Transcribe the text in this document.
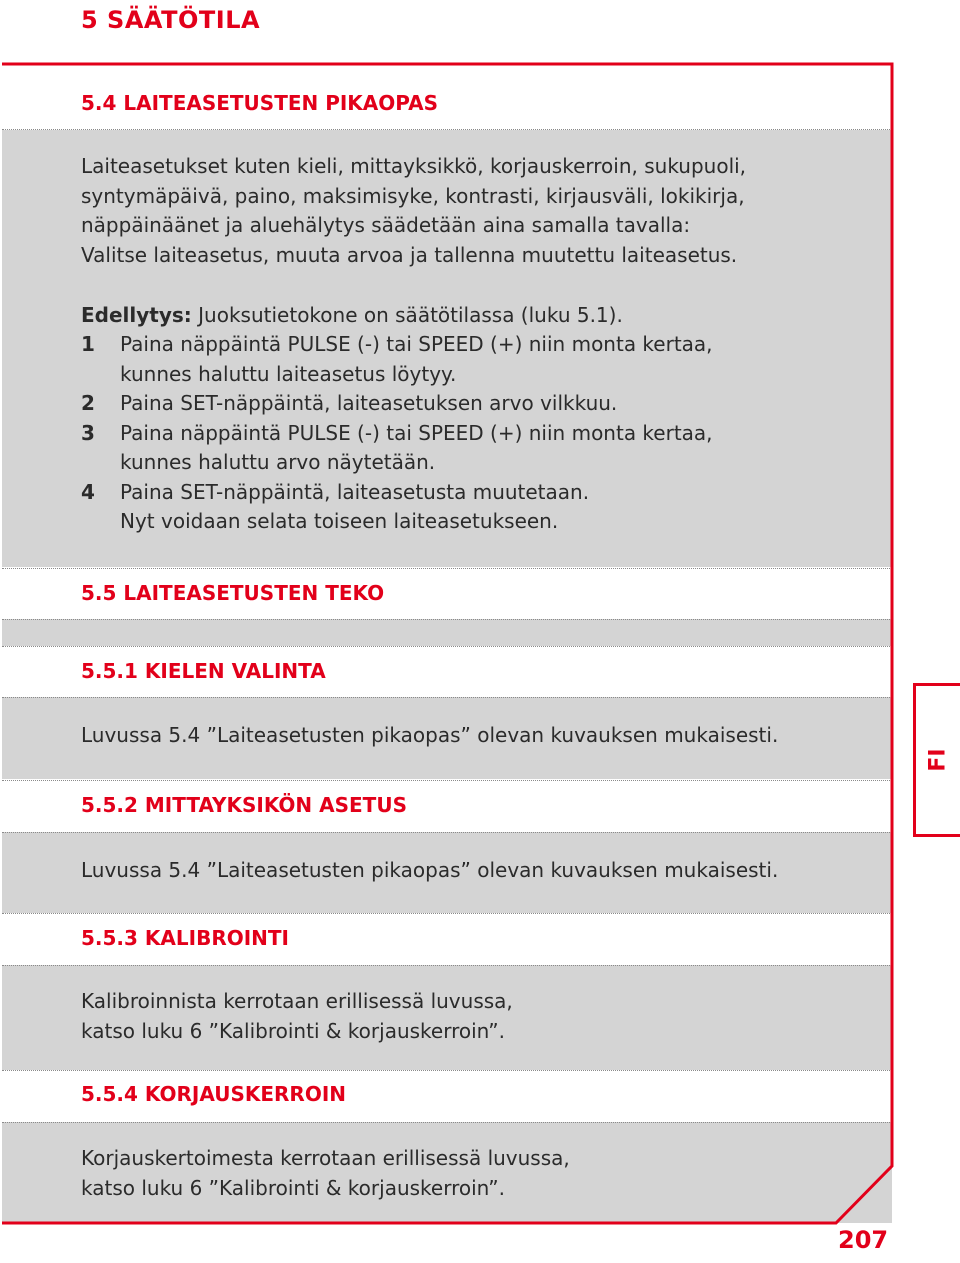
5 SÄÄTÖTILA
5.4 LAITEASETUSTEN PIKAOPAS
Laiteasetukset kuten kieli, mittayksikkö, korjauskerroin, sukupuoli,
syntymäpäivä, paino, maksimisyke, kontrasti, kirjausväli, lokikirja,
näppäinäänet ja aluehälytys säädetään aina samalla tavalla:
Valitse laiteasetus, muuta arvoa ja tallenna muutettu laiteasetus.
Edellytys: Juoksutietokone on säätötilassa (luku 5.1).
1	Paina näppäintä PULSE (-) tai SPEED (+) niin monta kertaa,
kunnes haluttu laiteasetus löytyy.
2	Paina SET-näppäintä, laiteasetuksen arvo vilkkuu.
3	Paina näppäintä PULSE (-) tai SPEED (+) niin monta kertaa,
kunnes haluttu arvo näytetään.
4	Paina SET-näppäintä, laiteasetusta muutetaan.
Nyt voidaan selata toiseen laiteasetukseen.
5.5 LAITEASETUSTEN TEKO
5.5.1 KIELEN VALINTA
Luvussa 5.4 ”Laiteasetusten pikaopas” olevan kuvauksen mukaisesti.
5.5.2 MITTAYKSIKÖN ASETUS
Luvussa 5.4 ”Laiteasetusten pikaopas” olevan kuvauksen mukaisesti.
5.5.3 KALIBROINTI
Kalibroinnista kerrotaan erillisessä luvussa,
katso luku 6 ”Kalibrointi & korjauskerroin”.
5.5.4 KORJAUSKERROIN
Korjauskertoimesta kerrotaan erillisessä luvussa,
katso luku 6 ”Kalibrointi & korjauskerroin”.
FI
207
